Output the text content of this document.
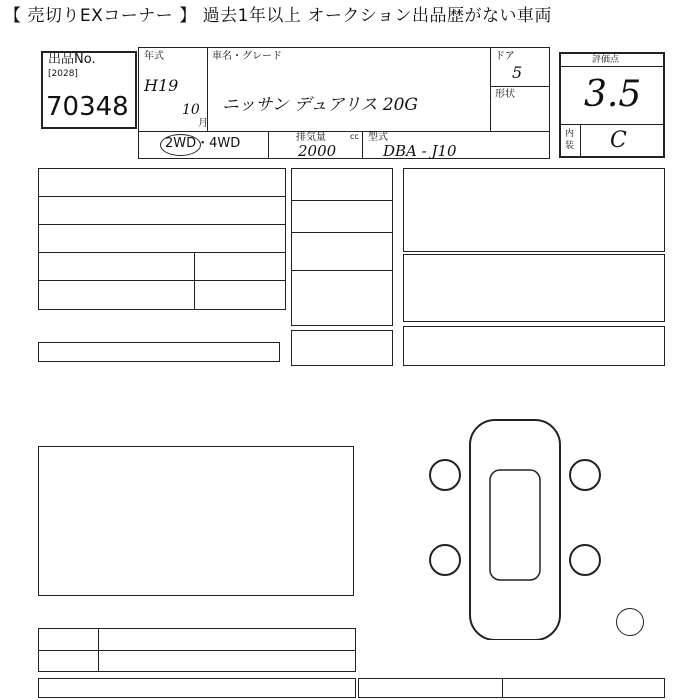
【 売切りEXコーナー 】 過去1年以上 オークション出品歴がない車両
出品No.
[2028]
70348
年式
H19
10
月
車名・グレード
ニッサン デュアリス 20G
ドア
5
形状
2WD・4WD	排気量	cc
2000
型式
DBA - J10
評価点
3.5
内装 C
